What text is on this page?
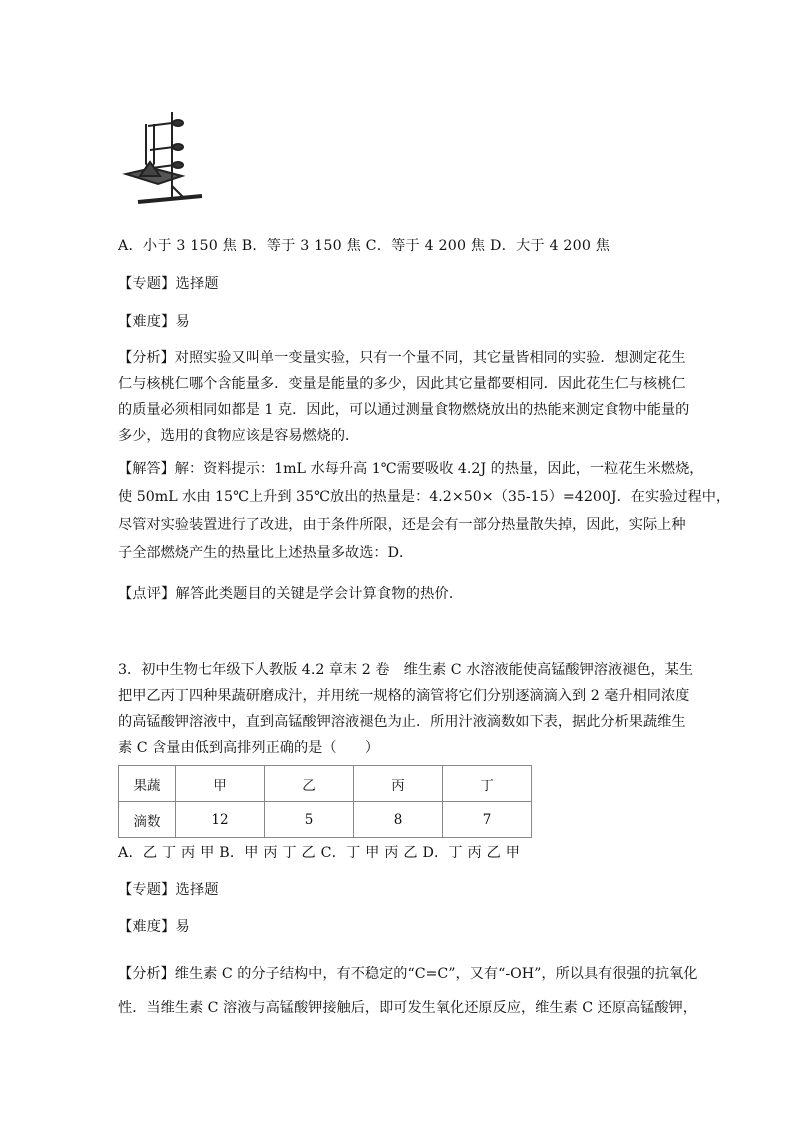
A．小于 3 150 焦 B．等于 3 150 焦 C．等于 4 200 焦 D．大于 4 200 焦
【专题】选择题
【难度】易
【分析】对照实验又叫单一变量实验，只有一个量不同，其它量皆相同的实验．想测定花生
仁与核桃仁哪个含能量多．变量是能量的多少，因此其它量都要相同．因此花生仁与核桃仁
的质量必须相同如都是 1 克．因此，可以通过测量食物燃烧放出的热能来测定食物中能量的
多少，选用的食物应该是容易燃烧的．
【解答】解：资料提示：1mL 水每升高 1℃需要吸收 4.2J 的热量，因此，一粒花生米燃烧，
使 50mL 水由 15℃上升到 35℃放出的热量是：4.2×50×（35-15）=4200J．在实验过程中，
尽管对实验装置进行了改进，由于条件所限，还是会有一部分热量散失掉，因此，实际上种
子全部燃烧产生的热量比上述热量多故选：D．
【点评】解答此类题目的关键是学会计算食物的热价．
3．初中生物七年级下人教版 4.2 章末 2 卷　维生素 C 水溶液能使高锰酸钾溶液褪色，某生
把甲乙丙丁四种果蔬研磨成汁，并用统一规格的滴管将它们分别逐滴滴入到 2 毫升相同浓度
的高锰酸钾溶液中，直到高锰酸钾溶液褪色为止．所用汁液滴数如下表，据此分析果蔬维生
素 C 含量由低到高排列正确的是（　　）
果蔬	甲	乙	丙	丁
滴数	12	5	8	7
A．乙 丁 丙 甲 B．甲 丙 丁 乙 C．丁 甲 丙 乙 D．丁 丙 乙 甲
【专题】选择题
【难度】易
【分析】维生素 C 的分子结构中，有不稳定的“C=C”，又有“-OH”，所以具有很强的抗氧化
性．当维生素 C 溶液与高锰酸钾接触后，即可发生氧化还原反应，维生素 C 还原高锰酸钾，
